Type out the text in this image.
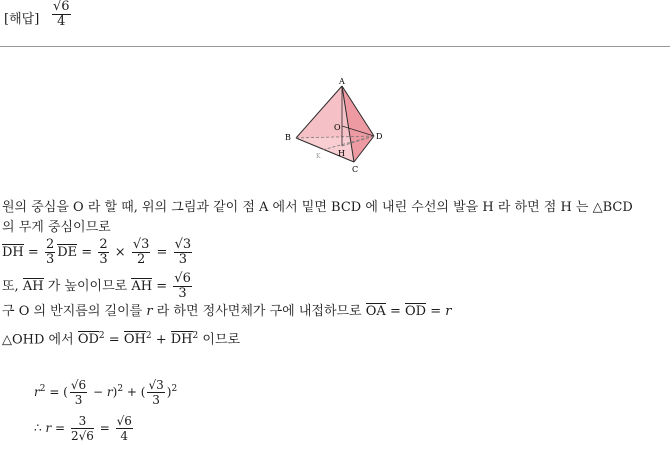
[해답] $\frac{√6}{4}$
A
B
C
D
O
H
K
원의 중심을 O 라 할 때, 위의 그림과 같이 점 A 에서 밑면 BCD 에 내린 수선의 발을 H 라 하면 점 H 는 △BCD
의 무게 중심이므로
DH = $\frac{2}{3}$ DE = $\frac{2}{3} \times \frac{√3}{2} = \frac{√3}{3}$
또, AH 가 높이이므로 AH = $\frac{√6}{3}$
구 O 의 반지름의 길이를 r 라 하면 정사면체가 구에 내접하므로 OA = OD = r
△OHD 에서 $OD^2 = OH^2 + DH^2$ 이므로
$r^2$ = ( $\frac{√6}{3} - r)^2$ + ( $\frac{√3}{3} )^2$
∴ $r = \frac{3}{2√6} = \frac{√6}{4}$
